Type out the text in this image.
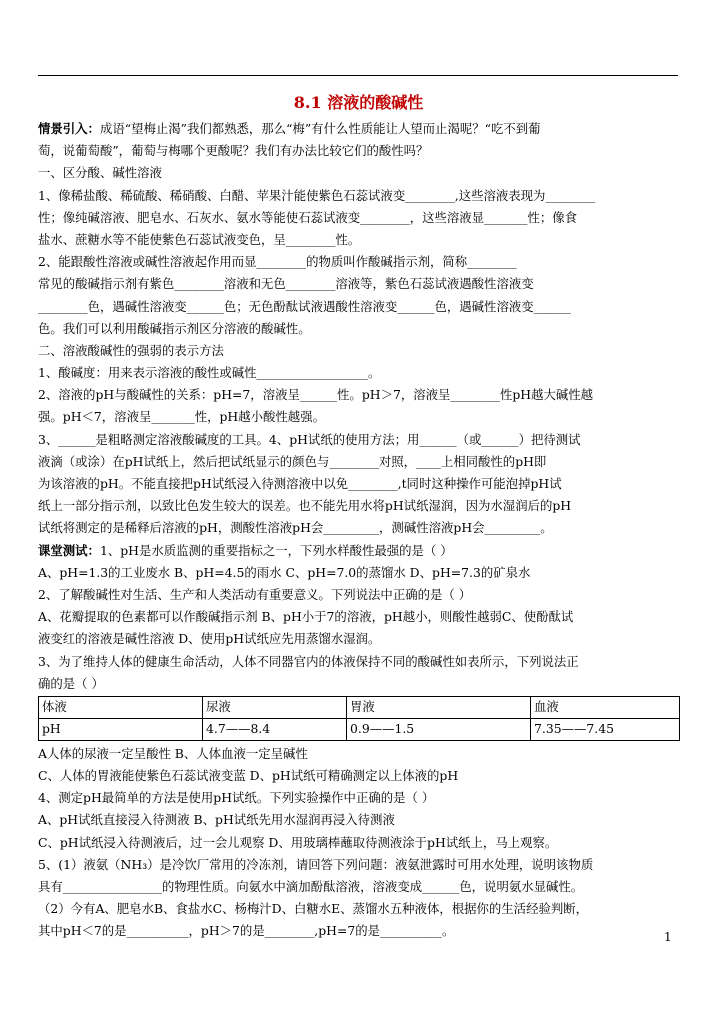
8.1 溶液的酸碱性
情景引入：成语“望梅止渴”我们都熟悉，那么“梅”有什么性质能让人望而止渴呢？“吃不到葡
萄，说葡萄酸”，葡萄与梅哪个更酸呢？我们有办法比较它们的酸性吗？
一、区分酸、碱性溶液
1、像稀盐酸、稀硫酸、稀硝酸、白醋、苹果汁能使紫色石蕊试液变________,这些溶液表现为________
性；像纯碱溶液、肥皂水、石灰水、氨水等能使石蕊试液变________，这些溶液显_______性；像食
盐水、蔗糖水等不能使紫色石蕊试液变色，呈________性。
2、能跟酸性溶液或碱性溶液起作用而显________的物质叫作酸碱指示剂，简称________
常见的酸碱指示剂有紫色________溶液和无色________溶液等，紫色石蕊试液遇酸性溶液变
________色，遇碱性溶液变______色；无色酚酞试液遇酸性溶液变______色，遇碱性溶液变______
色。我们可以利用酸碱指示剂区分溶液的酸碱性。
二、溶液酸碱性的强弱的表示方法
1、酸碱度：用来表示溶液的酸性或碱性__________________。
2、溶液的pH与酸碱性的关系：pH=7，溶液呈______性。pH＞7，溶液呈________性pH越大碱性越
强。pH＜7，溶液呈_______性，pH越小酸性越强。
3、______是粗略测定溶液酸碱度的工具。4、pH试纸的使用方法；用______（或______）把待测试
液滴（或涂）在pH试纸上，然后把试纸显示的颜色与________对照，____上相同酸性的pH即
为该溶液的pH。不能直接把pH试纸浸入待测溶液中以免________,t同时这种操作可能泡掉pH试
纸上一部分指示剂，以致比色发生较大的误差。也不能先用水将pH试纸湿润，因为水湿润后的pH
试纸将测定的是稀释后溶液的pH，测酸性溶液pH会_________，测碱性溶液pH会_________。
课堂测试：1、pH是水质监测的重要指标之一，下列水样酸性最强的是（ ）
A、pH=1.3的工业废水 B、pH=4.5的雨水 C、pH=7.0的蒸馏水 D、pH=7.3的矿泉水
2、了解酸碱性对生活、生产和人类活动有重要意义。下列说法中正确的是（ ）
A、花瓣提取的色素都可以作酸碱指示剂 B、pH小于7的溶液，pH越小，则酸性越弱C、使酚酞试
液变红的溶液是碱性溶液 D、使用pH试纸应先用蒸馏水湿润。
3、为了维持人体的健康生命活动，人体不同器官内的体液保持不同的酸碱性如表所示，下列说法正
确的是（ ）
体液	尿液	胃液	血液
pH	4.7——8.4	0.9——1.5	7.35——7.45
A人体的尿液一定呈酸性 B、人体血液一定呈碱性
C、人体的胃液能使紫色石蕊试液变蓝 D、pH试纸可精确测定以上体液的pH
4、测定pH最简单的方法是使用pH试纸。下列实验操作中正确的是（ ）
A、pH试纸直接浸入待测液 B、pH试纸先用水湿润再浸入待测液
C、pH试纸浸入待测液后，过一会儿观察 D、用玻璃棒蘸取待测液涂于pH试纸上，马上观察。
5、(1）液氨（NH₃）是冷饮厂常用的冷冻剂，请回答下列问题：液氨泄露时可用水处理，说明该物质
具有________________的物理性质。向氨水中滴加酚酞溶液，溶液变成______色，说明氨水显碱性。
（2）今有A、肥皂水B、食盐水C、杨梅汁D、白糖水E、蒸馏水五种液体，根据你的生活经验判断，
其中pH＜7的是__________，pH＞7的是________,pH=7的是__________。	1
